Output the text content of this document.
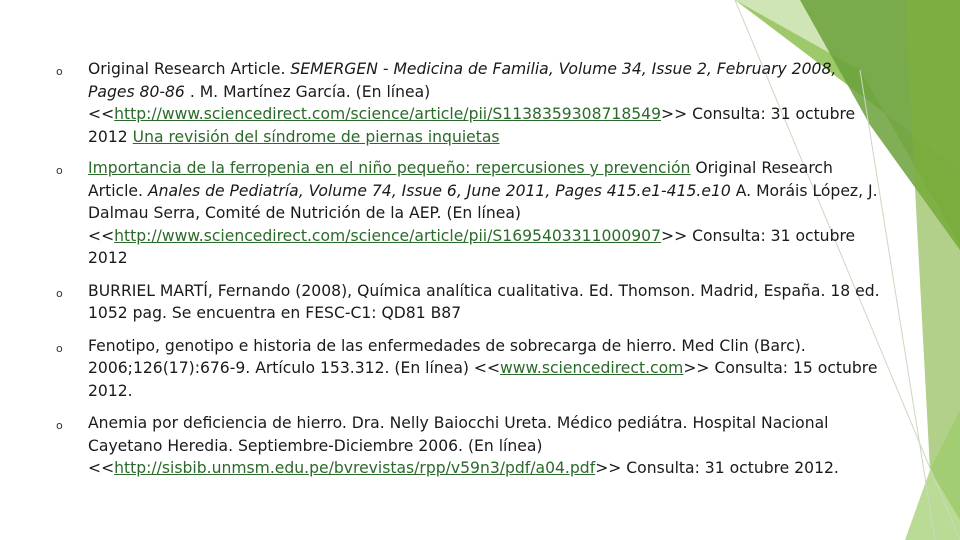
o Original Research Article. SEMERGEN - Medicina de Familia, Volume 34, Issue 2, February 2008, Pages 80-86 . M. Martínez García. (En línea) <<http://www.sciencedirect.com/science/article/pii/S1138359308718549>> Consulta: 31 octubre 2012 Una revisión del síndrome de piernas inquietas
o Importancia de la ferropenia en el niño pequeño: repercusiones y prevención Original Research Article. Anales de Pediatría, Volume 74, Issue 6, June 2011, Pages 415.e1-415.e10 A. Moráis López, J. Dalmau Serra, Comité de Nutrición de la AEP. (En línea) <<http://www.sciencedirect.com/science/article/pii/S1695403311000907>> Consulta: 31 octubre 2012
o BURRIEL MARTÍ, Fernando (2008), Química analítica cualitativa. Ed. Thomson. Madrid, España. 18 ed. 1052 pag. Se encuentra en FESC-C1: QD81 B87
o Fenotipo, genotipo e historia de las enfermedades de sobrecarga de hierro. Med Clin (Barc). 2006;126(17):676-9. Artículo 153.312. (En línea) <<www.sciencedirect.com>> Consulta: 15 octubre 2012.
o Anemia por deficiencia de hierro. Dra. Nelly Baiocchi Ureta. Médico pediátra. Hospital Nacional Cayetano Heredia. Septiembre-Diciembre 2006. (En línea) <<http://sisbib.unmsm.edu.pe/bvrevistas/rpp/v59n3/pdf/a04.pdf>> Consulta: 31 octubre 2012.
